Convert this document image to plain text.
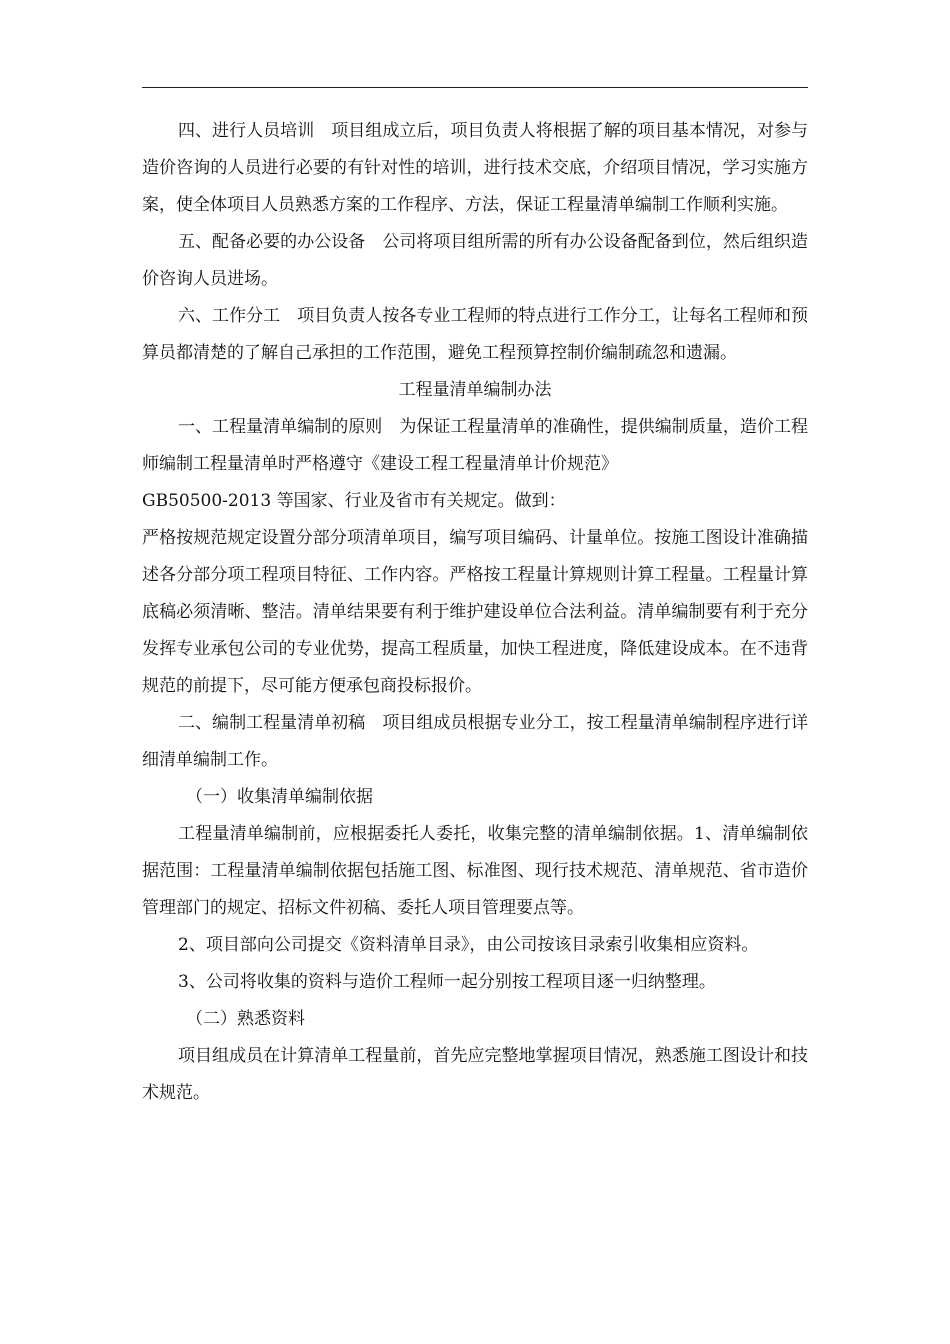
四、进行人员培训　项目组成立后，项目负责人将根据了解的项目基本情况，对参与造价咨询的人员进行必要的有针对性的培训，进行技术交底，介绍项目情况，学习实施方案，使全体项目人员熟悉方案的工作程序、方法，保证工程量清单编制工作顺利实施。

五、配备必要的办公设备　公司将项目组所需的所有办公设备配备到位，然后组织造价咨询人员进场。

六、工作分工　项目负责人按各专业工程师的特点进行工作分工，让每名工程师和预算员都清楚的了解自己承担的工作范围，避免工程预算控制价编制疏忽和遗漏。

工程量清单编制办法

一、工程量清单编制的原则　为保证工程量清单的准确性，提供编制质量，造价工程师编制工程量清单时严格遵守《建设工程工程量清单计价规范》

GB50500-2013 等国家、行业及省市有关规定。做到：

严格按规范规定设置分部分项清单项目，编写项目编码、计量单位。按施工图设计准确描述各分部分项工程项目特征、工作内容。严格按工程量计算规则计算工程量。工程量计算底稿必须清晰、整洁。清单结果要有利于维护建设单位合法利益。清单编制要有利于充分发挥专业承包公司的专业优势，提高工程质量，加快工程进度，降低建设成本。在不违背规范的前提下，尽可能方便承包商投标报价。

二、编制工程量清单初稿　项目组成员根据专业分工，按工程量清单编制程序进行详细清单编制工作。

（一）收集清单编制依据

工程量清单编制前，应根据委托人委托，收集完整的清单编制依据。1、清单编制依据范围：工程量清单编制依据包括施工图、标准图、现行技术规范、清单规范、省市造价管理部门的规定、招标文件初稿、委托人项目管理要点等。

2、项目部向公司提交《资料清单目录》，由公司按该目录索引收集相应资料。

3、公司将收集的资料与造价工程师一起分别按工程项目逐一归纳整理。

（二）熟悉资料

项目组成员在计算清单工程量前，首先应完整地掌握项目情况，熟悉施工图设计和技术规范。
